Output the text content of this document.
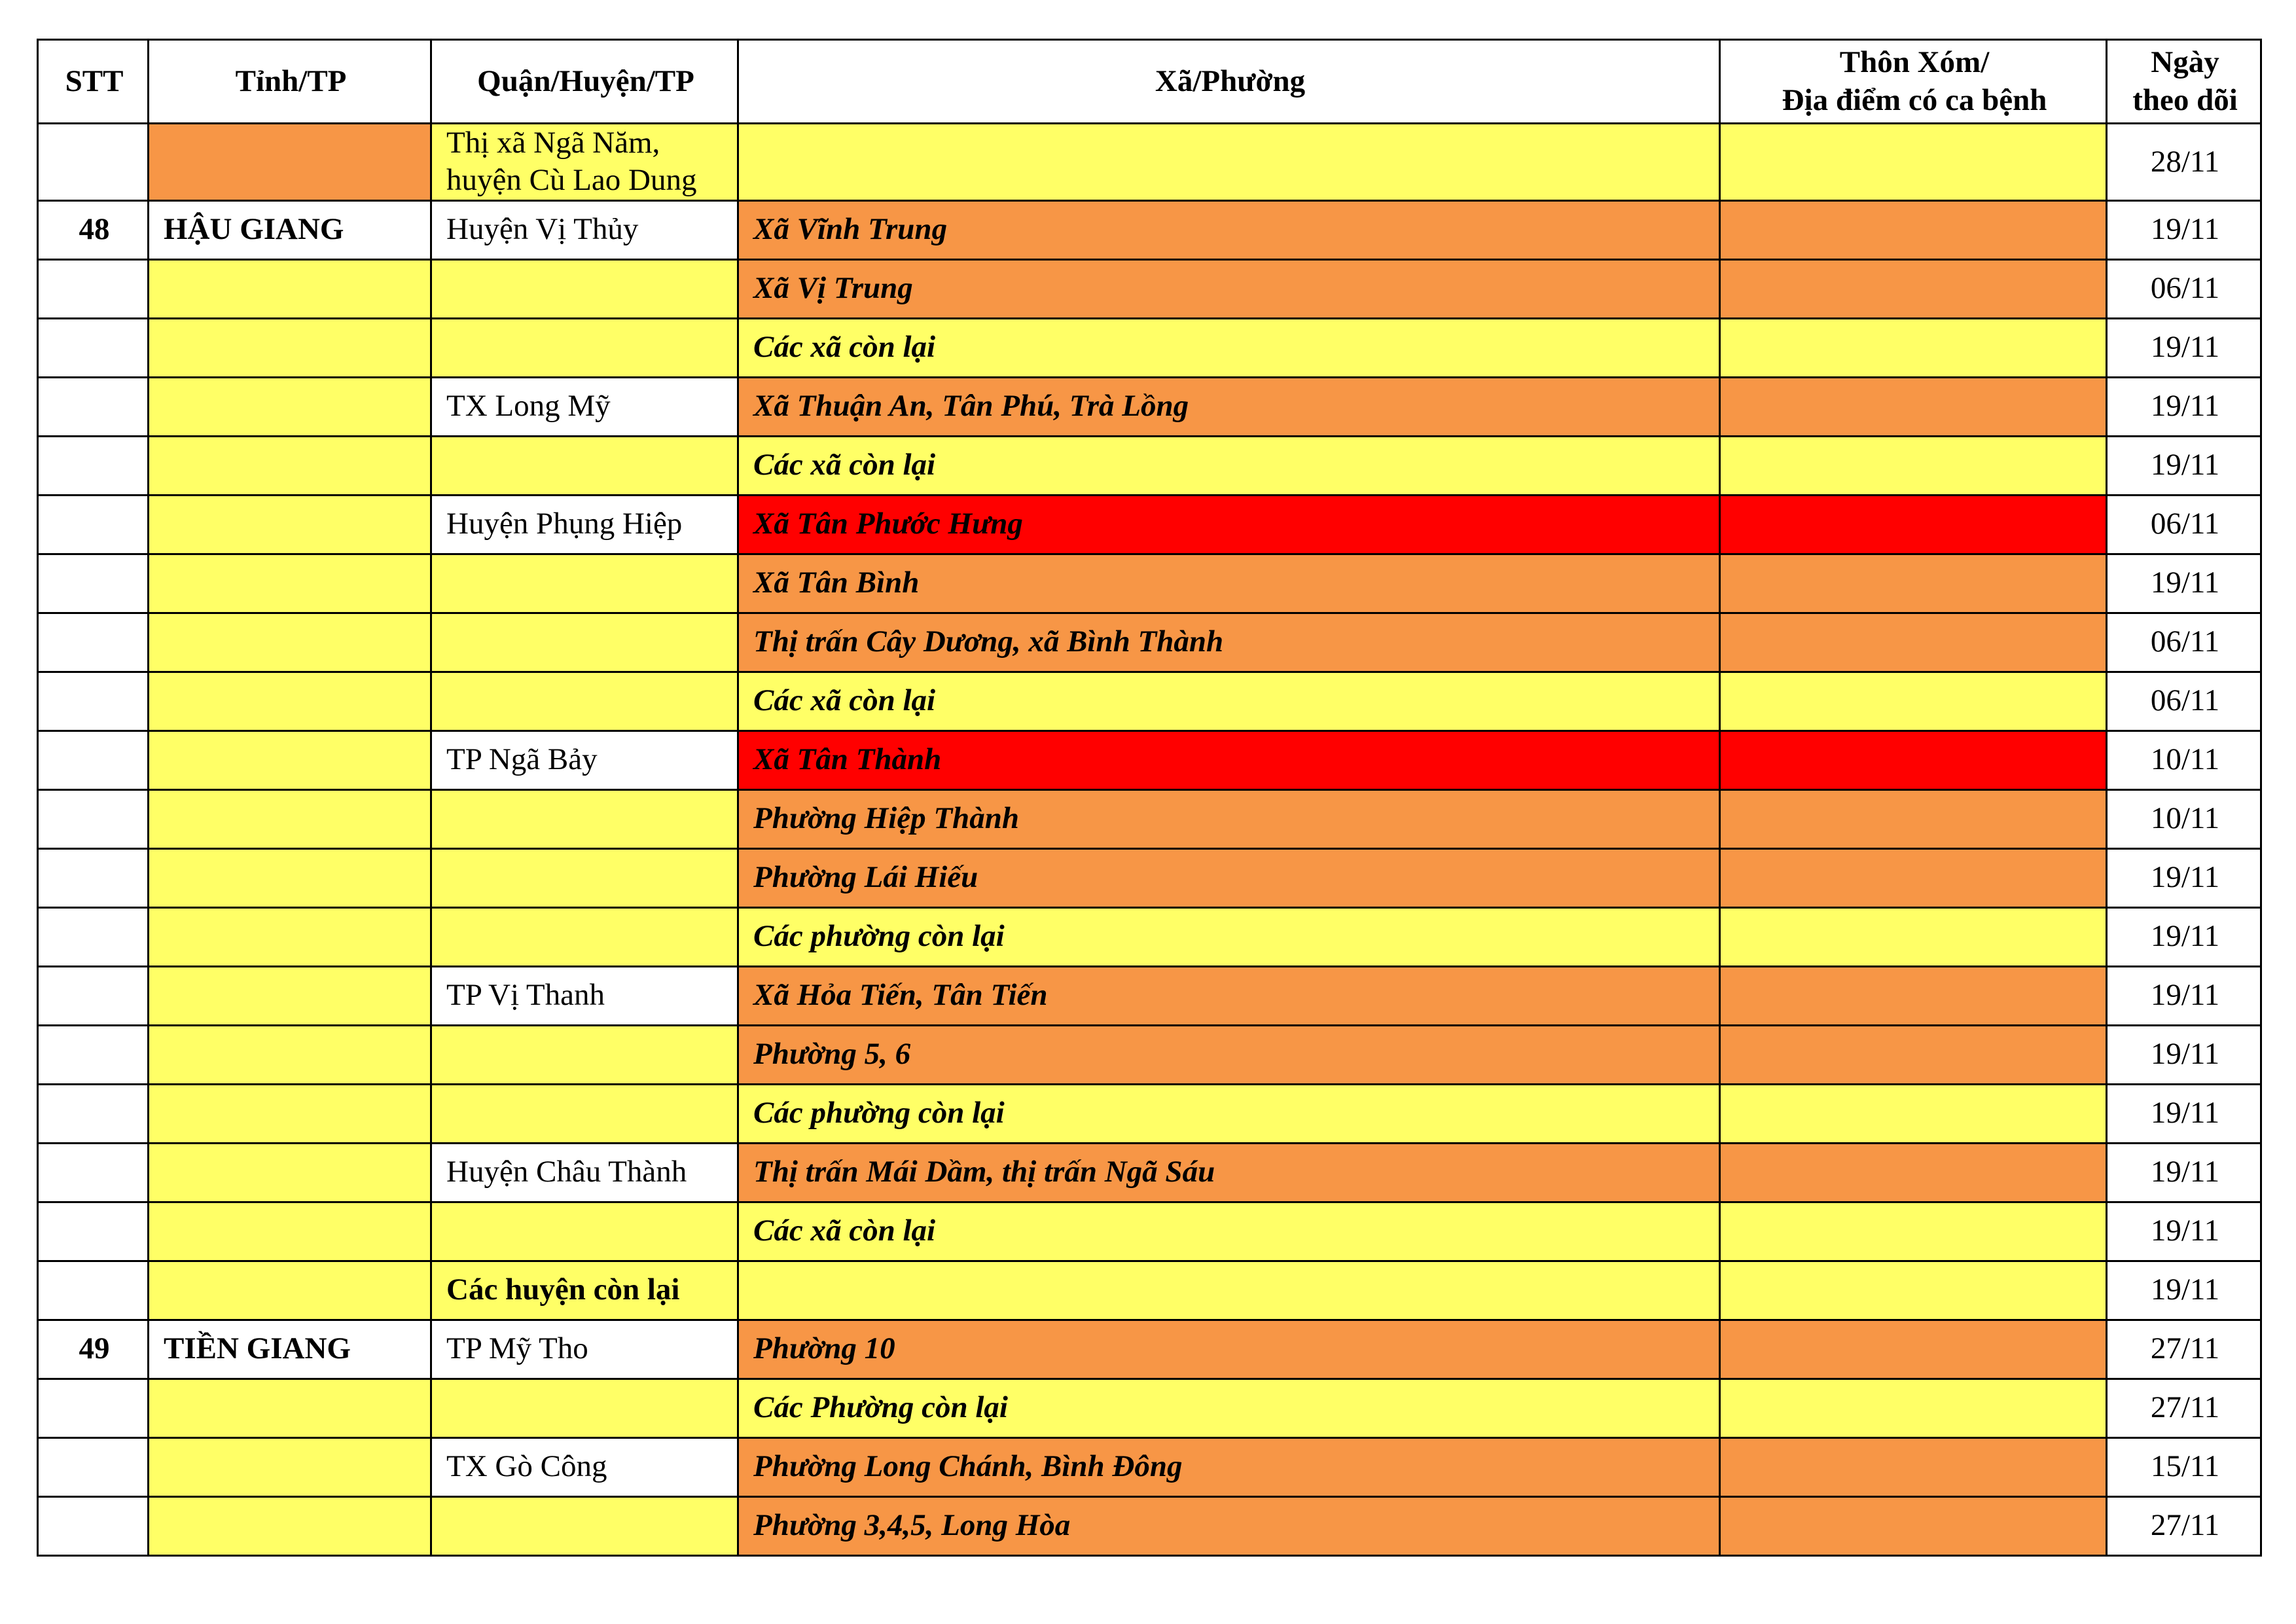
STT	Tỉnh/TP	Quận/Huyện/TP	Xã/Phường	Thôn Xóm/
Địa điểm có ca bệnh	Ngày
theo dõi
		Thị xã Ngã Năm, huyện Cù Lao Dung			28/11
48	HẬU GIANG	Huyện Vị Thủy	Xã Vĩnh Trung		19/11
			Xã Vị Trung		06/11
			Các xã còn lại		19/11
		TX Long Mỹ	Xã Thuận An, Tân Phú, Trà Lồng		19/11
			Các xã còn lại		19/11
		Huyện Phụng Hiệp	Xã Tân Phước Hưng		06/11
			Xã Tân Bình		19/11
			Thị trấn Cây Dương, xã Bình Thành		06/11
			Các xã còn lại		06/11
		TP Ngã Bảy	Xã Tân Thành		10/11
			Phường Hiệp Thành		10/11
			Phường Lái Hiếu		19/11
			Các phường còn lại		19/11
		TP Vị Thanh	Xã Hỏa Tiến, Tân Tiến		19/11
			Phường 5, 6		19/11
			Các phường còn lại		19/11
		Huyện Châu Thành	Thị trấn Mái Dầm, thị trấn Ngã Sáu		19/11
			Các xã còn lại		19/11
		Các huyện còn lại			19/11
49	TIỀN GIANG	TP Mỹ Tho	Phường 10		27/11
			Các Phường còn lại		27/11
		TX Gò Công	Phường Long Chánh, Bình Đông		15/11
			Phường 3,4,5, Long Hòa		27/11
